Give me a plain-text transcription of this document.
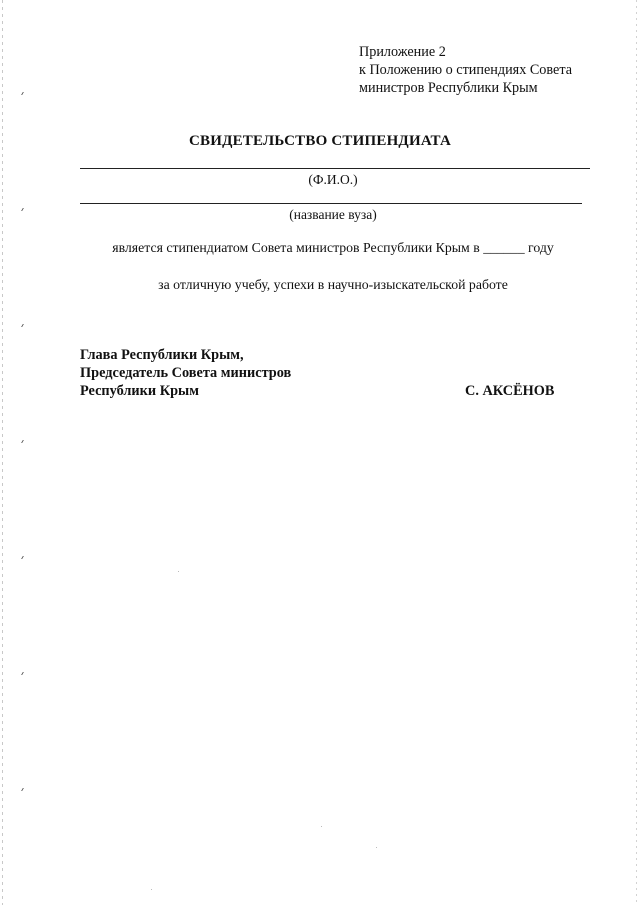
Приложение 2
к Положению о стипендиях Совета
министров Республики Крым
СВИДЕТЕЛЬСТВО СТИПЕНДИАТА
(Ф.И.О.)
(название вуза)
является стипендиатом Совета министров Республики Крым в ______ году
за отличную учебу, успехи в научно-изыскательской работе
Глава Республики Крым,
Председатель Совета министров
Республики Крым	С. АКСЁНОВ
